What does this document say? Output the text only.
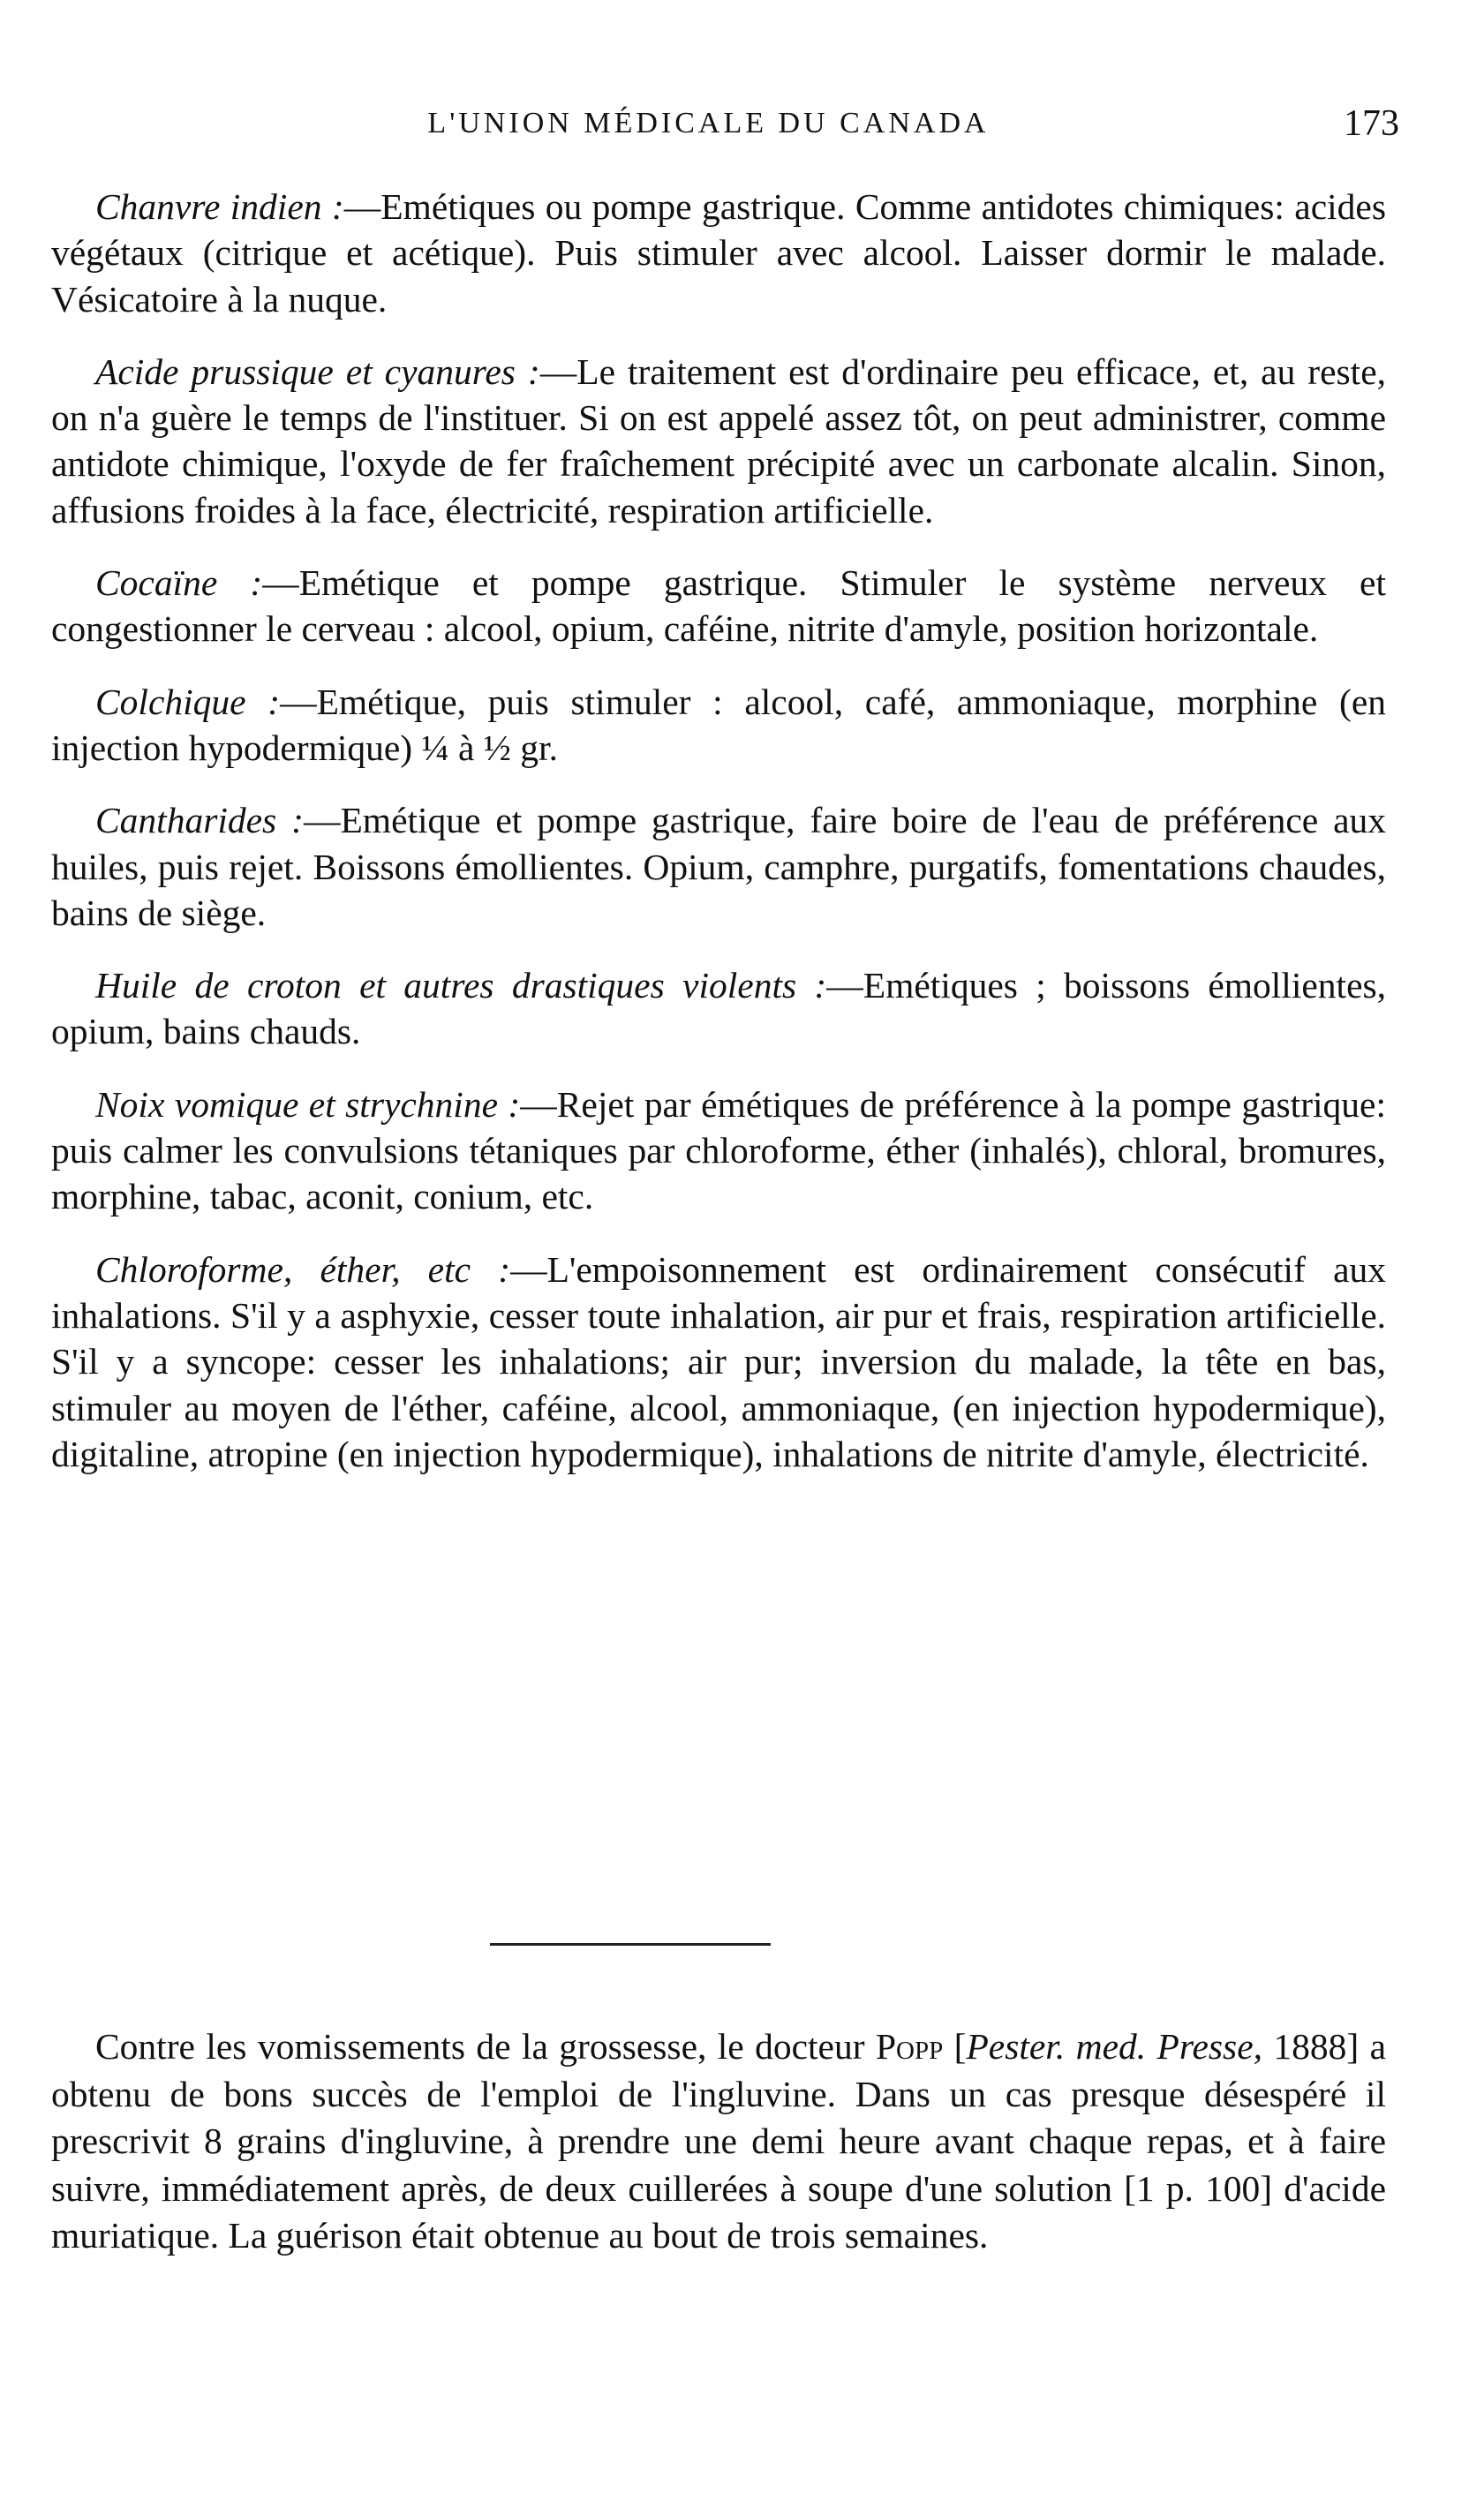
L'UNION MÉDICALE DU CANADA	173

Chanvre indien :—Emétiques ou pompe gastrique. Comme antidotes chimiques: acides végétaux (citrique et acétique). Puis stimuler avec alcool. Laisser dormir le malade. Vésicatoire à la nuque.

Acide prussique et cyanures :—Le traitement est d'ordinaire peu efficace, et, au reste, on n'a guère le temps de l'instituer. Si on est appelé assez tôt, on peut administrer, comme antidote chimique, l'oxyde de fer fraîchement précipité avec un carbonate alcalin. Sinon, affusions froides à la face, électricité, respiration artificielle.

Cocaïne :—Emétique et pompe gastrique. Stimuler le système nerveux et congestionner le cerveau : alcool, opium, caféine, nitrite d'amyle, position horizontale.

Colchique :—Emétique, puis stimuler : alcool, café, ammoniaque, morphine (en injection hypodermique) ¼ à ½ gr.

Cantharides :—Emétique et pompe gastrique, faire boire de l'eau de préférence aux huiles, puis rejet. Boissons émollientes. Opium, camphre, purgatifs, fomentations chaudes, bains de siège.

Huile de croton et autres drastiques violents :—Emétiques ; boissons émollientes, opium, bains chauds.

Noix vomique et strychnine :—Rejet par émétiques de préférence à la pompe gastrique: puis calmer les convulsions tétaniques par chloroforme, éther (inhalés), chloral, bromures, morphine, tabac, aconit, conium, etc.

Chloroforme, éther, etc :—L'empoisonnement est ordinairement consécutif aux inhalations. S'il y a asphyxie, cesser toute inhalation, air pur et frais, respiration artificielle. S'il y a syncope: cesser les inhalations; air pur; inversion du malade, la tête en bas, stimuler au moyen de l'éther, caféine, alcool, ammoniaque, (en injection hypodermique), digitaline, atropine (en injection hypodermique), inhalations de nitrite d'amyle, électricité.

Contre les vomissements de la grossesse, le docteur Popp [Pester. med. Presse, 1888] a obtenu de bons succès de l'emploi de l'ingluvine. Dans un cas presque désespéré il prescrivit 8 grains d'ingluvine, à prendre une demi heure avant chaque repas, et à faire suivre, immédiatement après, de deux cuillerées à soupe d'une solution [1 p. 100] d'acide muriatique. La guérison était obtenue au bout de trois semaines.
